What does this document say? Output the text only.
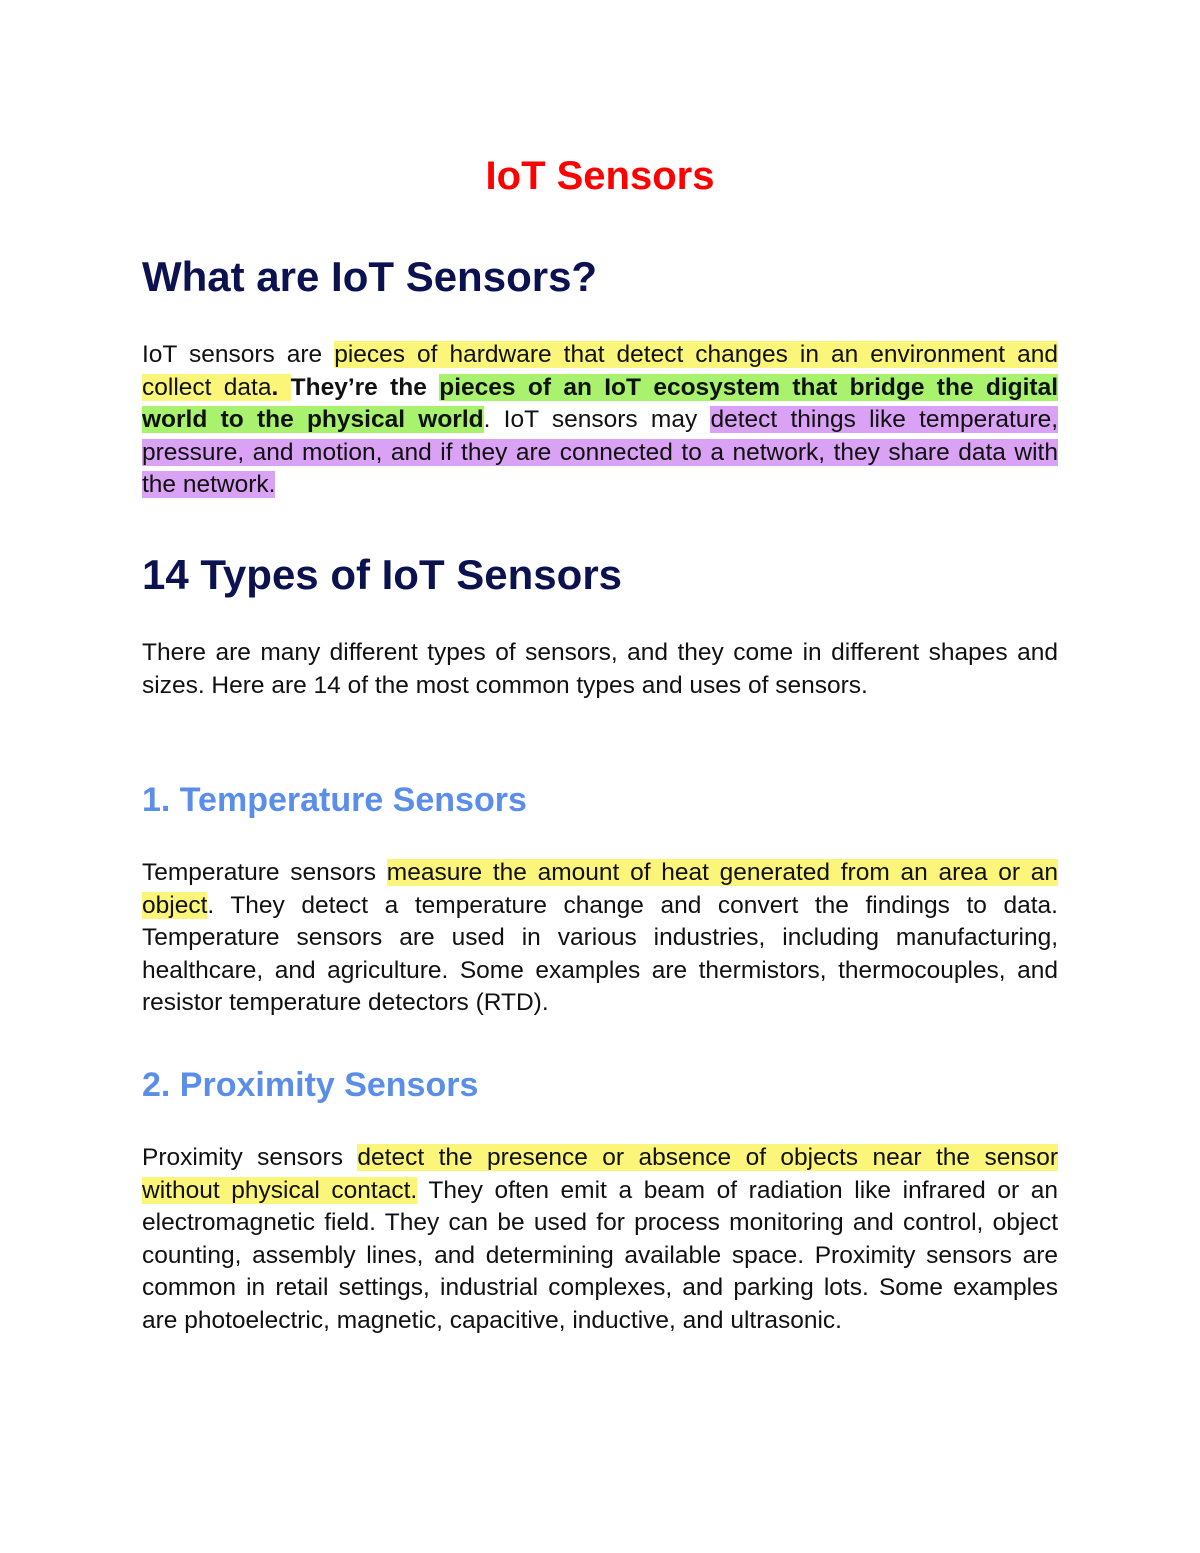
IoT Sensors
What are IoT Sensors?

IoT sensors are pieces of hardware that detect changes in an environment and collect data. They’re the pieces of an IoT ecosystem that bridge the digital world to the physical world. IoT sensors may detect things like temperature, pressure, and motion, and if they are connected to a network, they share data with the network.

14 Types of IoT Sensors

There are many different types of sensors, and they come in different shapes and sizes. Here are 14 of the most common types and uses of sensors.

1. Temperature Sensors

Temperature sensors measure the amount of heat generated from an area or an object. They detect a temperature change and convert the findings to data. Temperature sensors are used in various industries, including manufacturing, healthcare, and agriculture. Some examples are thermistors, thermocouples, and resistor temperature detectors (RTD).

2. Proximity Sensors

Proximity sensors detect the presence or absence of objects near the sensor without physical contact. They often emit a beam of radiation like infrared or an electromagnetic field. They can be used for process monitoring and control, object counting, assembly lines, and determining available space. Proximity sensors are common in retail settings, industrial complexes, and parking lots. Some examples are photoelectric, magnetic, capacitive, inductive, and ultrasonic.
